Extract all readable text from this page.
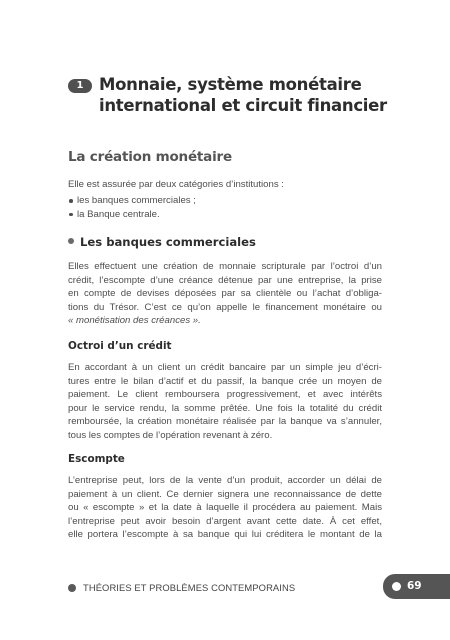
1 Monnaie, système monétaire
international et circuit financier
La création monétaire

Elle est assurée par deux catégories d’institutions :

les banques commerciales ;
la Banque centrale.
Les banques commerciales
Elles effectuent une création de monnaie scripturale par l’octroi d’un
crédit, l’escompte d’une créance détenue par une entreprise, la prise
en compte de devises déposées par sa clientèle ou l’achat d’obliga-
tions du Trésor. C’est ce qu’on appelle le financement monétaire ou
« monétisation des créances ».
Octroi d’un crédit
En accordant à un client un crédit bancaire par un simple jeu d’écri-
tures entre le bilan d’actif et du passif, la banque crée un moyen de
paiement. Le client remboursera progressivement, et avec intérêts
pour le service rendu, la somme prêtée. Une fois la totalité du crédit
remboursée, la création monétaire réalisée par la banque va s’annuler,
tous les comptes de l’opération revenant à zéro.
Escompte
L’entreprise peut, lors de la vente d’un produit, accorder un délai de
paiement à un client. Ce dernier signera une reconnaissance de dette
ou « escompte » et la date à laquelle il procédera au paiement. Mais
l’entreprise peut avoir besoin d’argent avant cette date. À cet effet,
elle portera l’escompte à sa banque qui lui créditera le montant de la
THÉORIES ET PROBLÈMES CONTEMPORAINS	69
